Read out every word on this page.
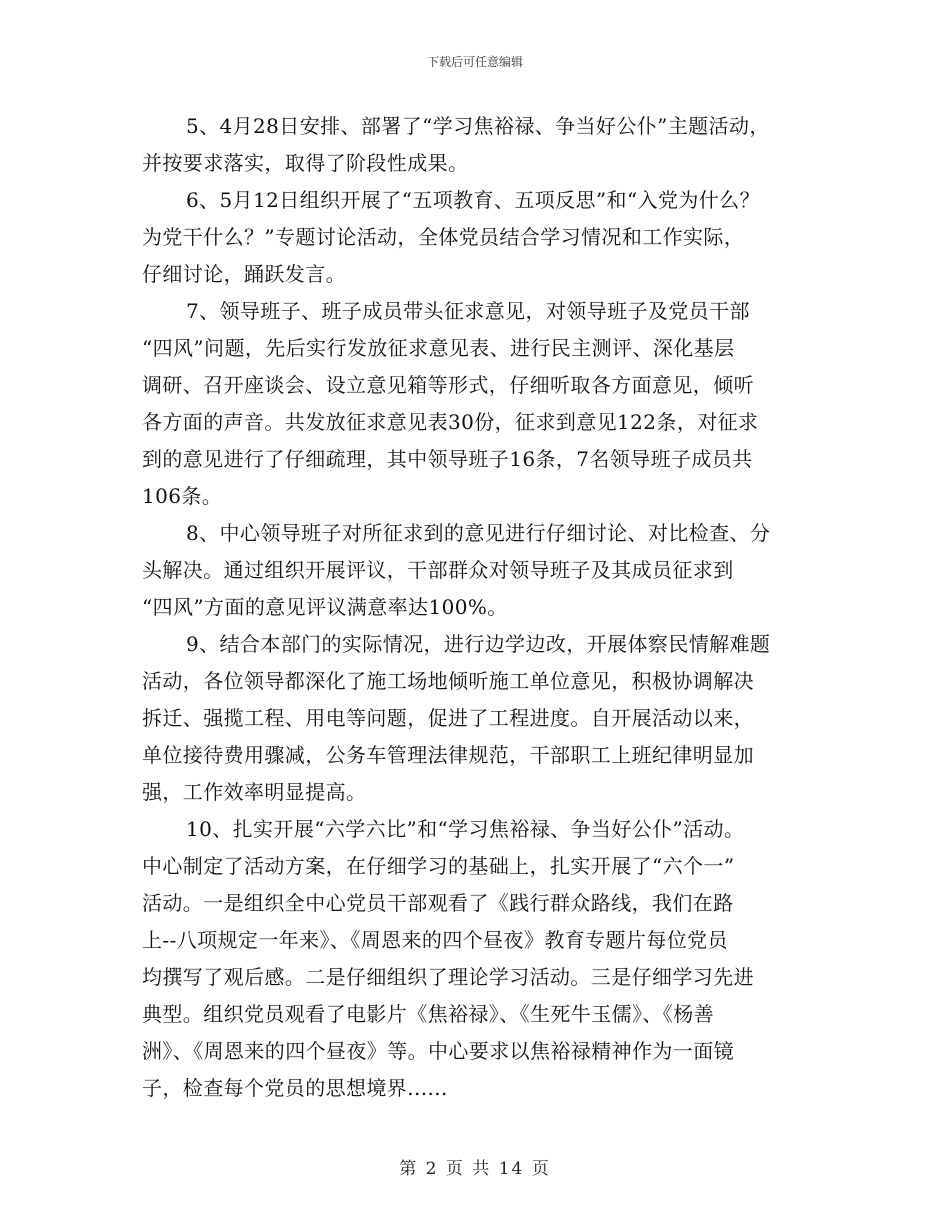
下载后可任意编辑
5、4月28日安排、部署了“学习焦裕禄、争当好公仆”主题活动，
并按要求落实，取得了阶段性成果。
6、5月12日组织开展了“五项教育、五项反思”和“入党为什么？
为党干什么？”专题讨论活动，全体党员结合学习情况和工作实际，
仔细讨论，踊跃发言。
7、领导班子、班子成员带头征求意见，对领导班子及党员干部
“四风”问题，先后实行发放征求意见表、进行民主测评、深化基层
调研、召开座谈会、设立意见箱等形式，仔细听取各方面意见，倾听
各方面的声音。共发放征求意见表30份，征求到意见122条，对征求
到的意见进行了仔细疏理，其中领导班子16条，7名领导班子成员共
106条。
8、中心领导班子对所征求到的意见进行仔细讨论、对比检查、分
头解决。通过组织开展评议，干部群众对领导班子及其成员征求到
“四风”方面的意见评议满意率达100%。
9、结合本部门的实际情况，进行边学边改，开展体察民情解难题
活动，各位领导都深化了施工场地倾听施工单位意见，积极协调解决
拆迁、强揽工程、用电等问题，促进了工程进度。自开展活动以来，
单位接待费用骤减，公务车管理法律规范，干部职工上班纪律明显加
强，工作效率明显提高。
10、扎实开展“六学六比”和“学习焦裕禄、争当好公仆”活动。
中心制定了活动方案，在仔细学习的基础上，扎实开展了“六个一”
活动。一是组织全中心党员干部观看了《践行群众路线，我们在路
上--八项规定一年来》、《周恩来的四个昼夜》教育专题片每位党员
均撰写了观后感。二是仔细组织了理论学习活动。三是仔细学习先进
典型。组织党员观看了电影片《焦裕禄》、《生死牛玉儒》、《杨善
洲》、《周恩来的四个昼夜》等。中心要求以焦裕禄精神作为一面镜
子，检查每个党员的思想境界......
第 2 页 共 14 页
